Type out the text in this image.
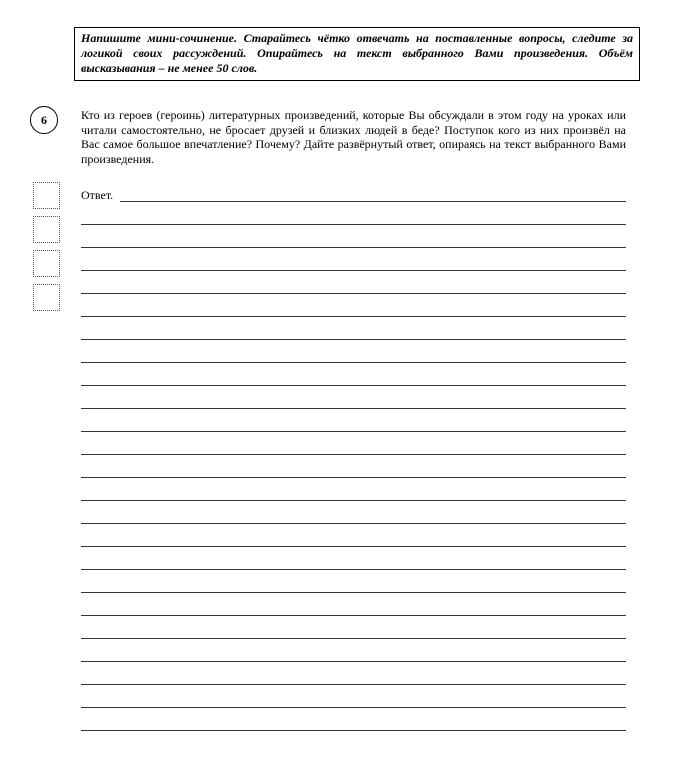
Напишите мини-сочинение. Старайтесь чётко отвечать на поставленные вопросы, следите за логикой своих рассуждений. Опирайтесь на текст выбранного Вами произведения. Объём высказывания – не менее 50 слов.
6	Кто из героев (героинь) литературных произведений, которые Вы обсуждали в этом году на уроках или читали самостоятельно, не бросает друзей и близких людей в беде? Поступок кого из них произвёл на Вас самое большое впечатление? Почему? Дайте развёрнутый ответ, опираясь на текст выбранного Вами произведения.
Ответ.
